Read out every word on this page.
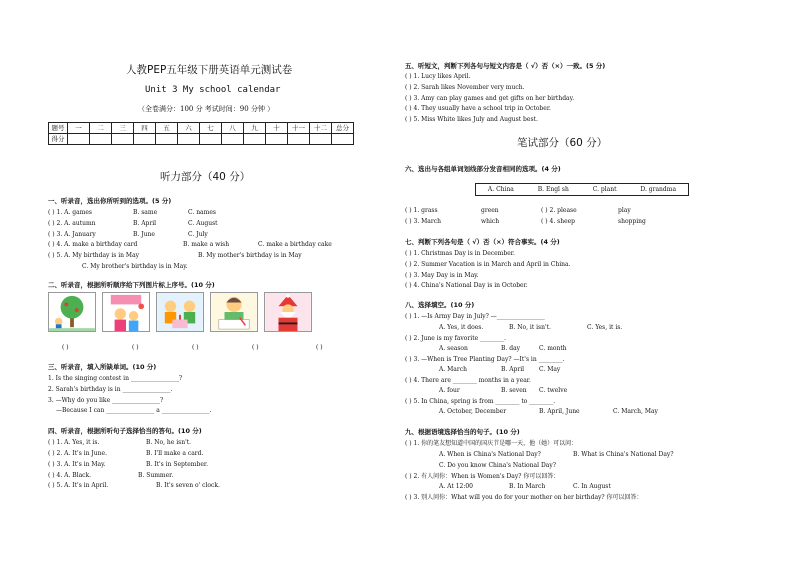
人教PEP五年级下册英语单元测试卷
Unit 3 My school calendar
（全卷满分：100 分 考试时间：90 分钟 ）
题号	一	二	三	四	五	六	七	八	九	十	十一	十二	总分
得分													
听力部分（40 分）
一、听录音，选出你所听到的选项。(5 分)
( ) 1. A. games	B. same	C. names
( ) 2. A. autumn	B. April	C. August
( ) 3. A. January	B. June	C. July
( ) 4. A. make a birthday card	B. make a wish	C. make a birthday cake
( ) 5. A. My birthday is in May	B. My mother's birthday is in May
C. My brother's birthday is in May.
二、听录音，根据所听顺序给下列图片标上序号。(10 分)
( )	( )	( )	( )	( )
三、听录音，填入所缺单词。(10 分)
1. Is the singing contest in ________________?
2. Sarah's birthday is in ________________.
3. —Why do you like ________________?
—Because I can ________________ a ________________.
四、听录音，根据所听句子选择恰当的答句。(10 分)
( ) 1. A. Yes, it is.	B. No, he isn't.
( ) 2. A. It's in June.	B. I'll make a card.
( ) 3. A. It's in May.	B. It's in September.
( ) 4. A. Black.	B. Summer.
( ) 5. A. It's in April.	B. It's seven o' clock.
五、听短文，判断下列各句与短文内容是（ √）否（×）一致。(5 分)
( ) 1. Lucy likes April.
( ) 2. Sarah likes November very much.
( ) 3. Amy can play games and get gifts on her birthday.
( ) 4. They usually have a school trip in October.
( ) 5. Miss White likes July and August best.
笔试部分（60 分）
六、选出与各组单词划线部分发音相同的选项。(4 分)
A. China	B. Engl sh	C. plant	D. grandma
( ) 1. grass	green	( ) 2. please	play
( ) 3. March	which	( ) 4. sheep	shopping
七、判断下列各句是（ √）否（×）符合事实。(4 分)
( ) 1. Christmas Day is in December.
( ) 2. Summer Vacation is in March and April in China.
( ) 3. May Day is in May.
( ) 4. China's National Day is in October.
八、选择填空。(10 分)
( ) 1. —Is Army Day in July? —________________
A. Yes, it does.	B. No, it isn't.	C. Yes, it is.
( ) 2. June is my favorite ________.
A. season	B. day	C. month
( ) 3. —When is Tree Planting Day? —It's in ________.
A. March	B. April C. May
( ) 4. There are ________ months in a year.
A. four	B. seven C. twelve
( ) 5. In China, spring is from ________ to ________.
A. October, December	B. April, June	C. March, May
九、根据语境选择恰当的句子。(10 分)
( ) 1. 你的笔友想知道中国的国庆节是哪一天，他（她）可以问：
A. When is China's National Day?	B. What is China's National Day?
C. Do you know China's National Day?
( ) 2. 有人问你：When is Women's Day? 你可以回答：
A. At 12:00	B. In March	C. In August
( ) 3. 别人问你：What will you do for your mother on her birthday? 你可以回答：
